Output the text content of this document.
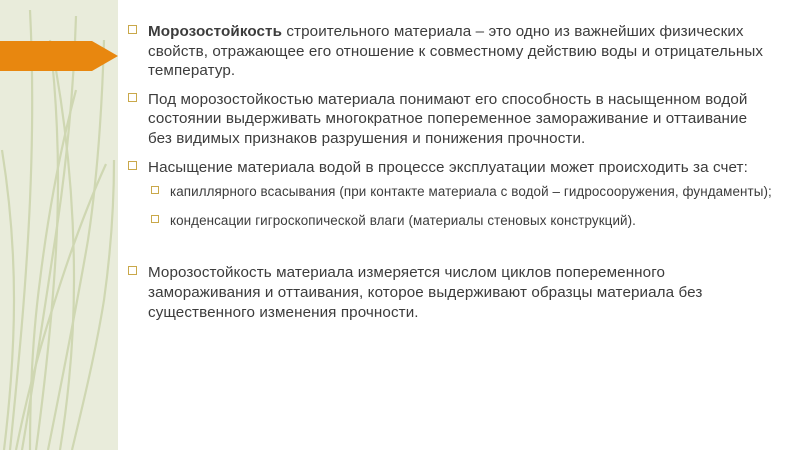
Морозостойкость строительного материала – это одно из важнейших физических свойств, отражающее его отношение к совместному действию воды и отрицательных температур.
Под морозостойкостью материала понимают его способность в насыщенном водой состоянии выдерживать многократное попеременное замораживание и оттаивание без видимых признаков разрушения и понижения прочности.
Насыщение материала водой в процессе эксплуатации может происходить за счет:
капиллярного всасывания (при контакте материала с водой – гидросооружения, фундаменты);
конденсации гигроскопической влаги (материалы стеновых конструкций).
Морозостойкость материала измеряется числом циклов попеременного замораживания и оттаивания, которое выдерживают образцы материала без существенного изменения прочности.
